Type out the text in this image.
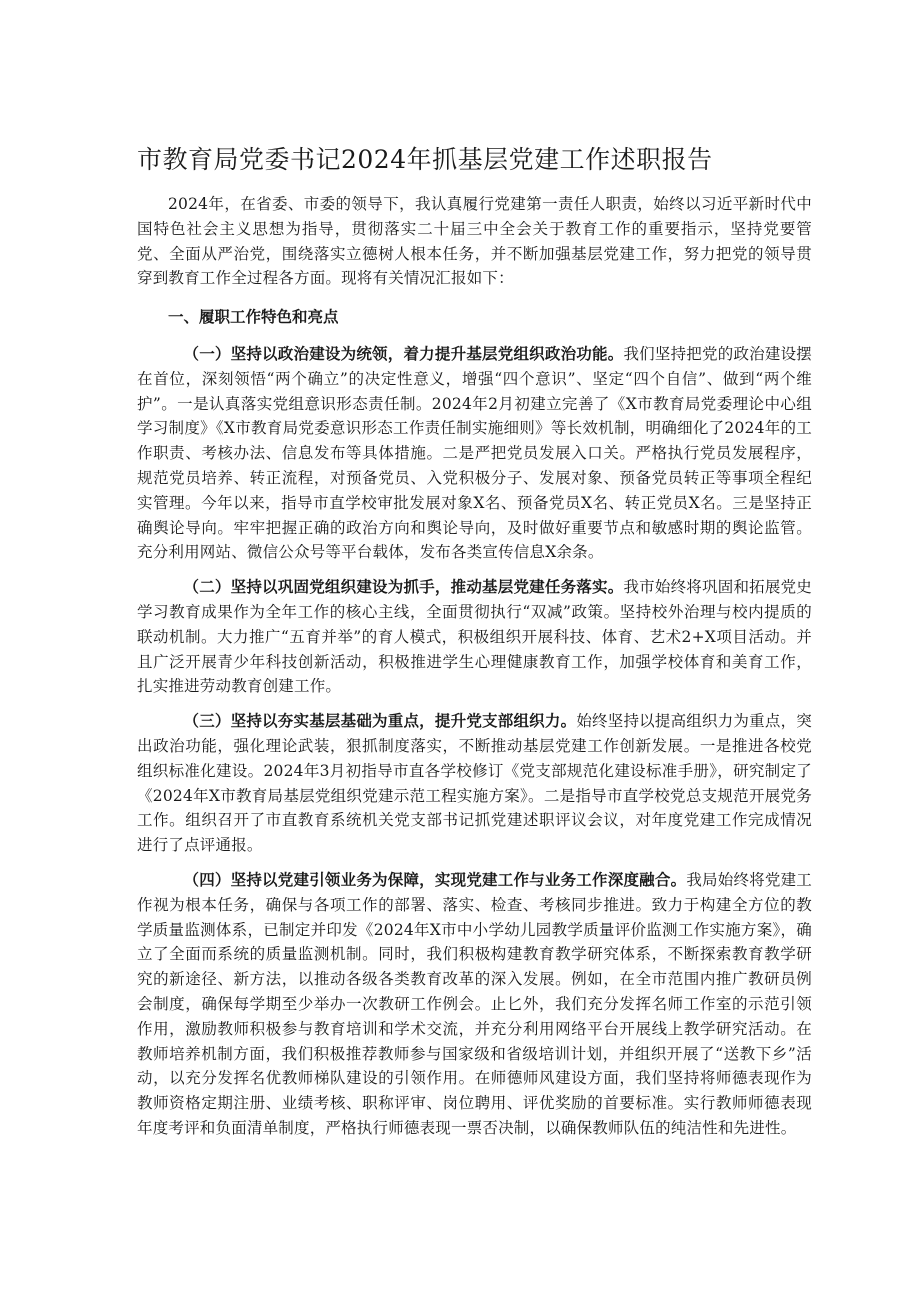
市教育局党委书记2024年抓基层党建工作述职报告

2024年，在省委、市委的领导下，我认真履行党建第一责任人职责，始终以习近平新时代中国特色社会主义思想为指导，贯彻落实二十届三中全会关于教育工作的重要指示，坚持党要管党、全面从严治党，围绕落实立德树人根本任务，并不断加强基层党建工作，努力把党的领导贯穿到教育工作全过程各方面。现将有关情况汇报如下：

一、履职工作特色和亮点

（一）坚持以政治建设为统领，着力提升基层党组织政治功能。我们坚持把党的政治建设摆在首位，深刻领悟“两个确立”的决定性意义，增强“四个意识”、坚定“四个自信”、做到“两个维护”。一是认真落实党组意识形态责任制。2024年2月初建立完善了《X市教育局党委理论中心组学习制度》《X市教育局党委意识形态工作责任制实施细则》等长效机制，明确细化了2024年的工作职责、考核办法、信息发布等具体措施。二是严把党员发展入口关。严格执行党员发展程序，规范党员培养、转正流程，对预备党员、入党积极分子、发展对象、预备党员转正等事项全程纪实管理。今年以来，指导市直学校审批发展对象X名、预备党员X名、转正党员X名。三是坚持正确舆论导向。牢牢把握正确的政治方向和舆论导向，及时做好重要节点和敏感时期的舆论监管。充分利用网站、微信公众号等平台载体，发布各类宣传信息X余条。

（二）坚持以巩固党组织建设为抓手，推动基层党建任务落实。我市始终将巩固和拓展党史学习教育成果作为全年工作的核心主线，全面贯彻执行“双减”政策。坚持校外治理与校内提质的联动机制。大力推广“五育并举”的育人模式，积极组织开展科技、体育、艺术2+X项目活动。并且广泛开展青少年科技创新活动，积极推进学生心理健康教育工作，加强学校体育和美育工作，扎实推进劳动教育创建工作。

（三）坚持以夯实基层基础为重点，提升党支部组织力。始终坚持以提高组织力为重点，突出政治功能，强化理论武装，狠抓制度落实，不断推动基层党建工作创新发展。一是推进各校党组织标准化建设。2024年3月初指导市直各学校修订《党支部规范化建设标准手册》，研究制定了《2024年X市教育局基层党组织党建示范工程实施方案》。二是指导市直学校党总支规范开展党务工作。组织召开了市直教育系统机关党支部书记抓党建述职评议会议，对年度党建工作完成情况进行了点评通报。

（四）坚持以党建引领业务为保障，实现党建工作与业务工作深度融合。我局始终将党建工作视为根本任务，确保与各项工作的部署、落实、检查、考核同步推进。致力于构建全方位的教学质量监测体系，已制定并印发《2024年X市中小学幼儿园教学质量评价监测工作实施方案》，确立了全面而系统的质量监测机制。同时，我们积极构建教育教学研究体系，不断探索教育教学研究的新途径、新方法，以推动各级各类教育改革的深入发展。例如，在全市范围内推广教研员例会制度，确保每学期至少举办一次教研工作例会。止匕外，我们充分发挥名师工作室的示范引领作用，激励教师积极参与教育培训和学术交流，并充分利用网络平台开展线上教学研究活动。在教师培养机制方面，我们积极推荐教师参与国家级和省级培训计划，并组织开展了“送教下乡”活动，以充分发挥名优教师梯队建设的引领作用。在师德师风建设方面，我们坚持将师德表现作为教师资格定期注册、业绩考核、职称评审、岗位聘用、评优奖励的首要标准。实行教师师德表现年度考评和负面清单制度，严格执行师德表现一票否决制，以确保教师队伍的纯洁性和先进性。
